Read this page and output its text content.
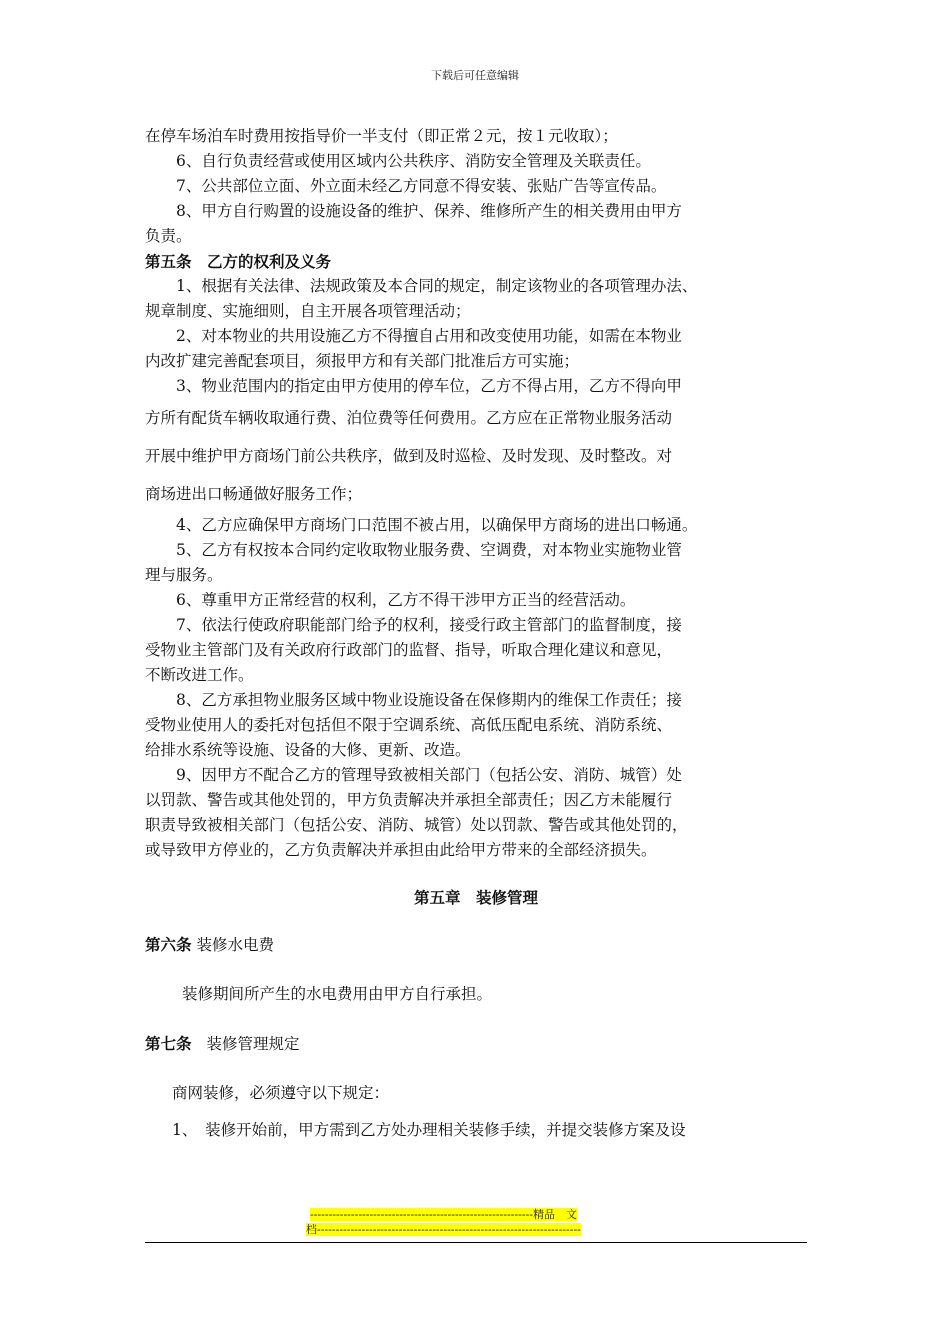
下载后可任意编辑

在停车场泊车时费用按指导价一半支付（即正常２元，按１元收取）；

6、自行负责经营或使用区域内公共秩序、消防安全管理及关联责任。

7、公共部位立面、外立面未经乙方同意不得安装、张贴广告等宣传品。

8、甲方自行购置的设施设备的维护、保养、维修所产生的相关费用由甲方

负责。

第五条　乙方的权利及义务

1、根据有关法律、法规政策及本合同的规定，制定该物业的各项管理办法、

规章制度、实施细则，自主开展各项管理活动；

2、对本物业的共用设施乙方不得擅自占用和改变使用功能，如需在本物业

内改扩建完善配套项目，须报甲方和有关部门批准后方可实施；

3、物业范围内的指定由甲方使用的停车位，乙方不得占用，乙方不得向甲

方所有配货车辆收取通行费、泊位费等任何费用。乙方应在正常物业服务活动

开展中维护甲方商场门前公共秩序，做到及时巡检、及时发现、及时整改。对

商场进出口畅通做好服务工作；

4、乙方应确保甲方商场门口范围不被占用，以确保甲方商场的进出口畅通。

5、乙方有权按本合同约定收取物业服务费、空调费，对本物业实施物业管

理与服务。

6、尊重甲方正常经营的权利，乙方不得干涉甲方正当的经营活动。

7、依法行使政府职能部门给予的权利，接受行政主管部门的监督制度，接

受物业主管部门及有关政府行政部门的监督、指导，听取合理化建议和意见，

不断改进工作。

8、乙方承担物业服务区域中物业设施设备在保修期内的维保工作责任；接

受物业使用人的委托对包括但不限于空调系统、高低压配电系统、消防系统、

给排水系统等设施、设备的大修、更新、改造。

9、因甲方不配合乙方的管理导致被相关部门（包括公安、消防、城管）处

以罚款、警告或其他处罚的，甲方负责解决并承担全部责任；因乙方未能履行

职责导致被相关部门（包括公安、消防、城管）处以罚款、警告或其他处罚的，

或导致甲方停业的，乙方负责解决并承担由此给甲方带来的全部经济损失。

第五章　装修管理

第六条 装修水电费

装修期间所产生的水电费用由甲方自行承担。

第七条 装修管理规定

商网装修，必须遵守以下规定：

1、　装修开始前，甲方需到乙方处办理相关装修手续，并提交装修方案及设

------------------------------------------------------------精品　文
档-----------------------------------------------------------------------
